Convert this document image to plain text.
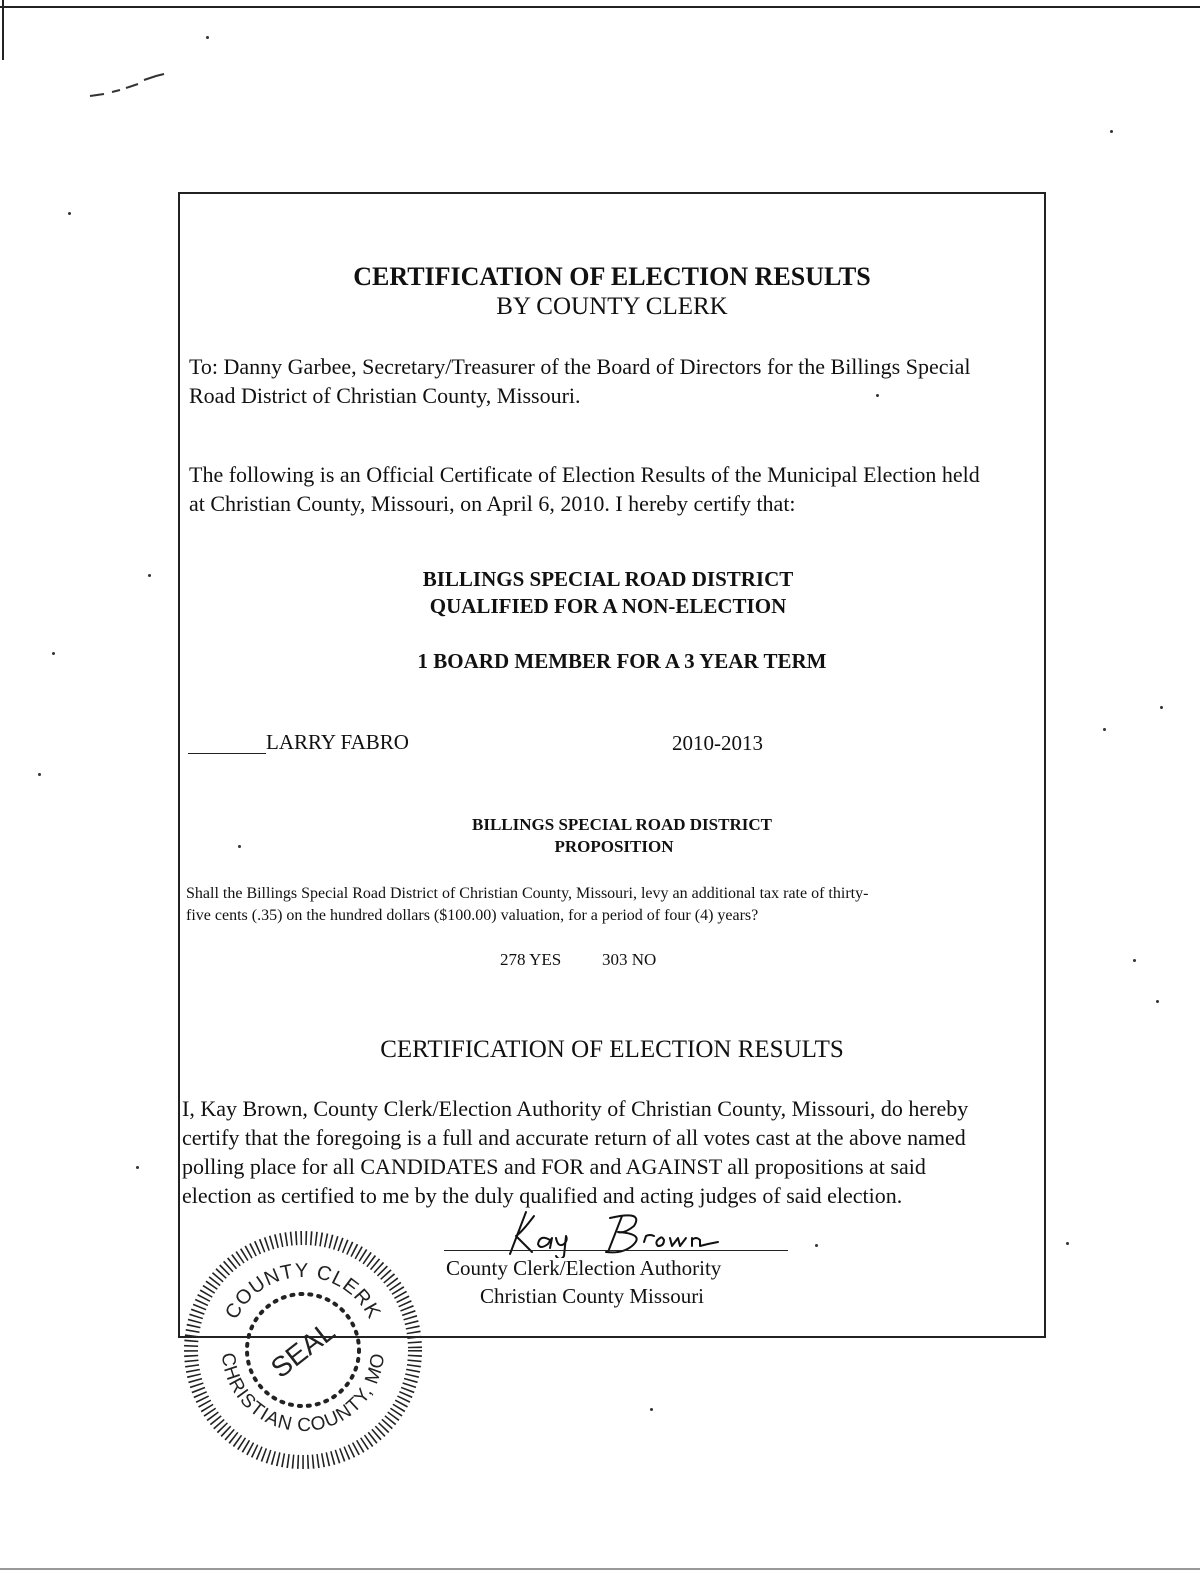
CERTIFICATION OF ELECTION RESULTS
BY COUNTY CLERK
To: Danny Garbee, Secretary/Treasurer of the Board of Directors for the Billings Special
Road District of Christian County, Missouri.
The following is an Official Certificate of Election Results of the Municipal Election held
at Christian County, Missouri, on April 6, 2010. I hereby certify that:
BILLINGS SPECIAL ROAD DISTRICT
QUALIFIED FOR A NON-ELECTION
1 BOARD MEMBER FOR A 3 YEAR TERM
LARRY FABRO	2010-2013
BILLINGS SPECIAL ROAD DISTRICT
PROPOSITION
Shall the Billings Special Road District of Christian County, Missouri, levy an additional tax rate of thirty-
five cents (.35) on the hundred dollars ($100.00) valuation, for a period of four (4) years?
278 YES 303 NO
CERTIFICATION OF ELECTION RESULTS
I, Kay Brown, County Clerk/Election Authority of Christian County, Missouri, do hereby
certify that the foregoing is a full and accurate return of all votes cast at the above named
polling place for all CANDIDATES and FOR and AGAINST all propositions at said
election as certified to me by the duly qualified and acting judges of said election.
County Clerk/Election Authority
Christian County Missouri
COUNTY CLERK
CHRISTIAN COUNTY, MO
SEAL
